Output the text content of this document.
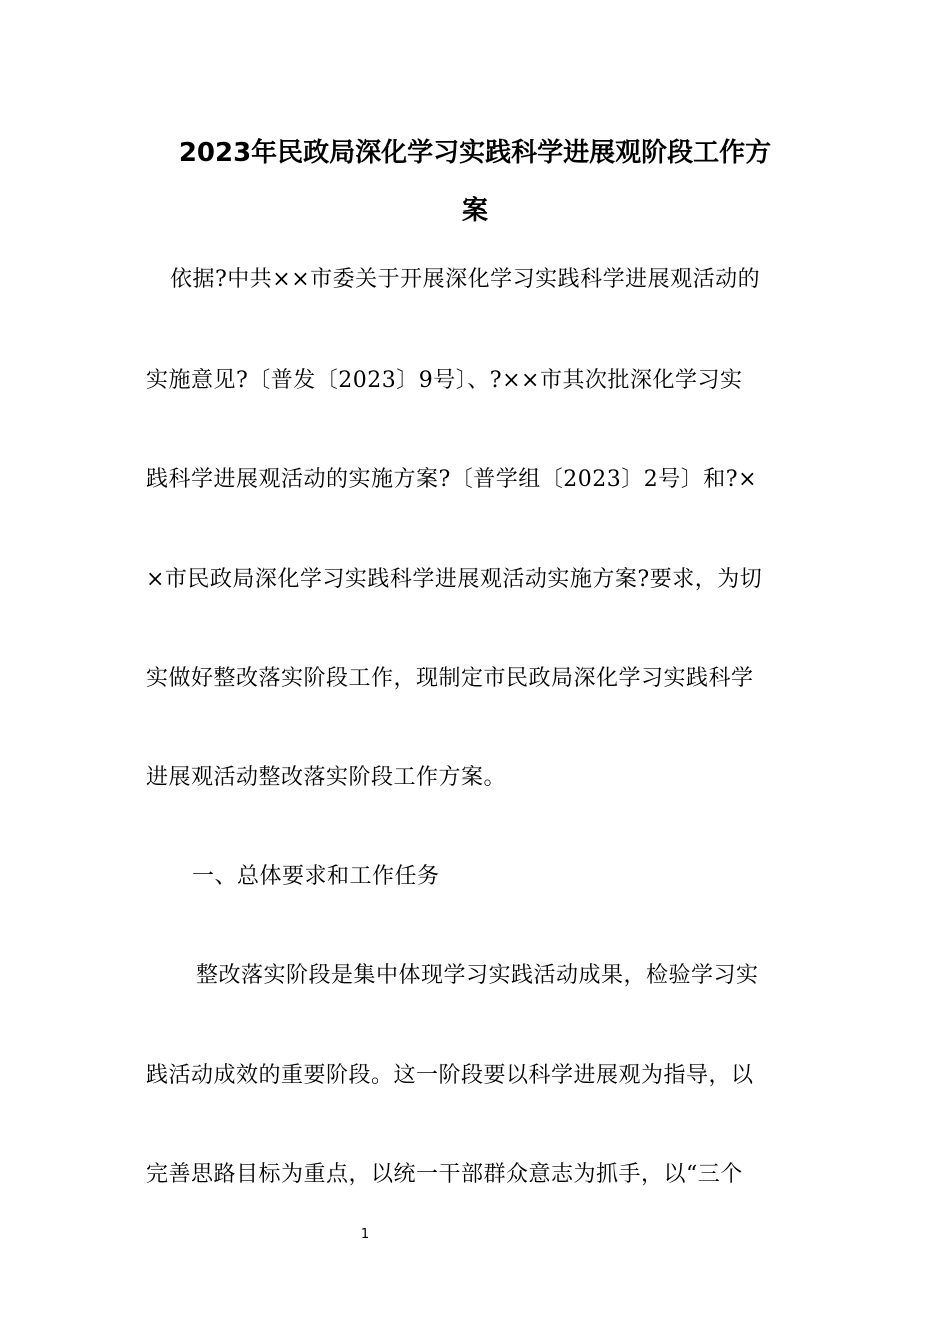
2023年民政局深化学习实践科学进展观阶段工作方
案
依据?中共××市委关于开展深化学习实践科学进展观活动的
实施意见?〔普发〔2023〕9号〕、?××市其次批深化学习实
践科学进展观活动的实施方案?〔普学组〔2023〕2号〕和?×
×市民政局深化学习实践科学进展观活动实施方案?要求，为切
实做好整改落实阶段工作，现制定市民政局深化学习实践科学
进展观活动整改落实阶段工作方案。
一、总体要求和工作任务
整改落实阶段是集中体现学习实践活动成果，检验学习实
践活动成效的重要阶段。这一阶段要以科学进展观为指导，以
完善思路目标为重点，以统一干部群众意志为抓手，以“三个
1
